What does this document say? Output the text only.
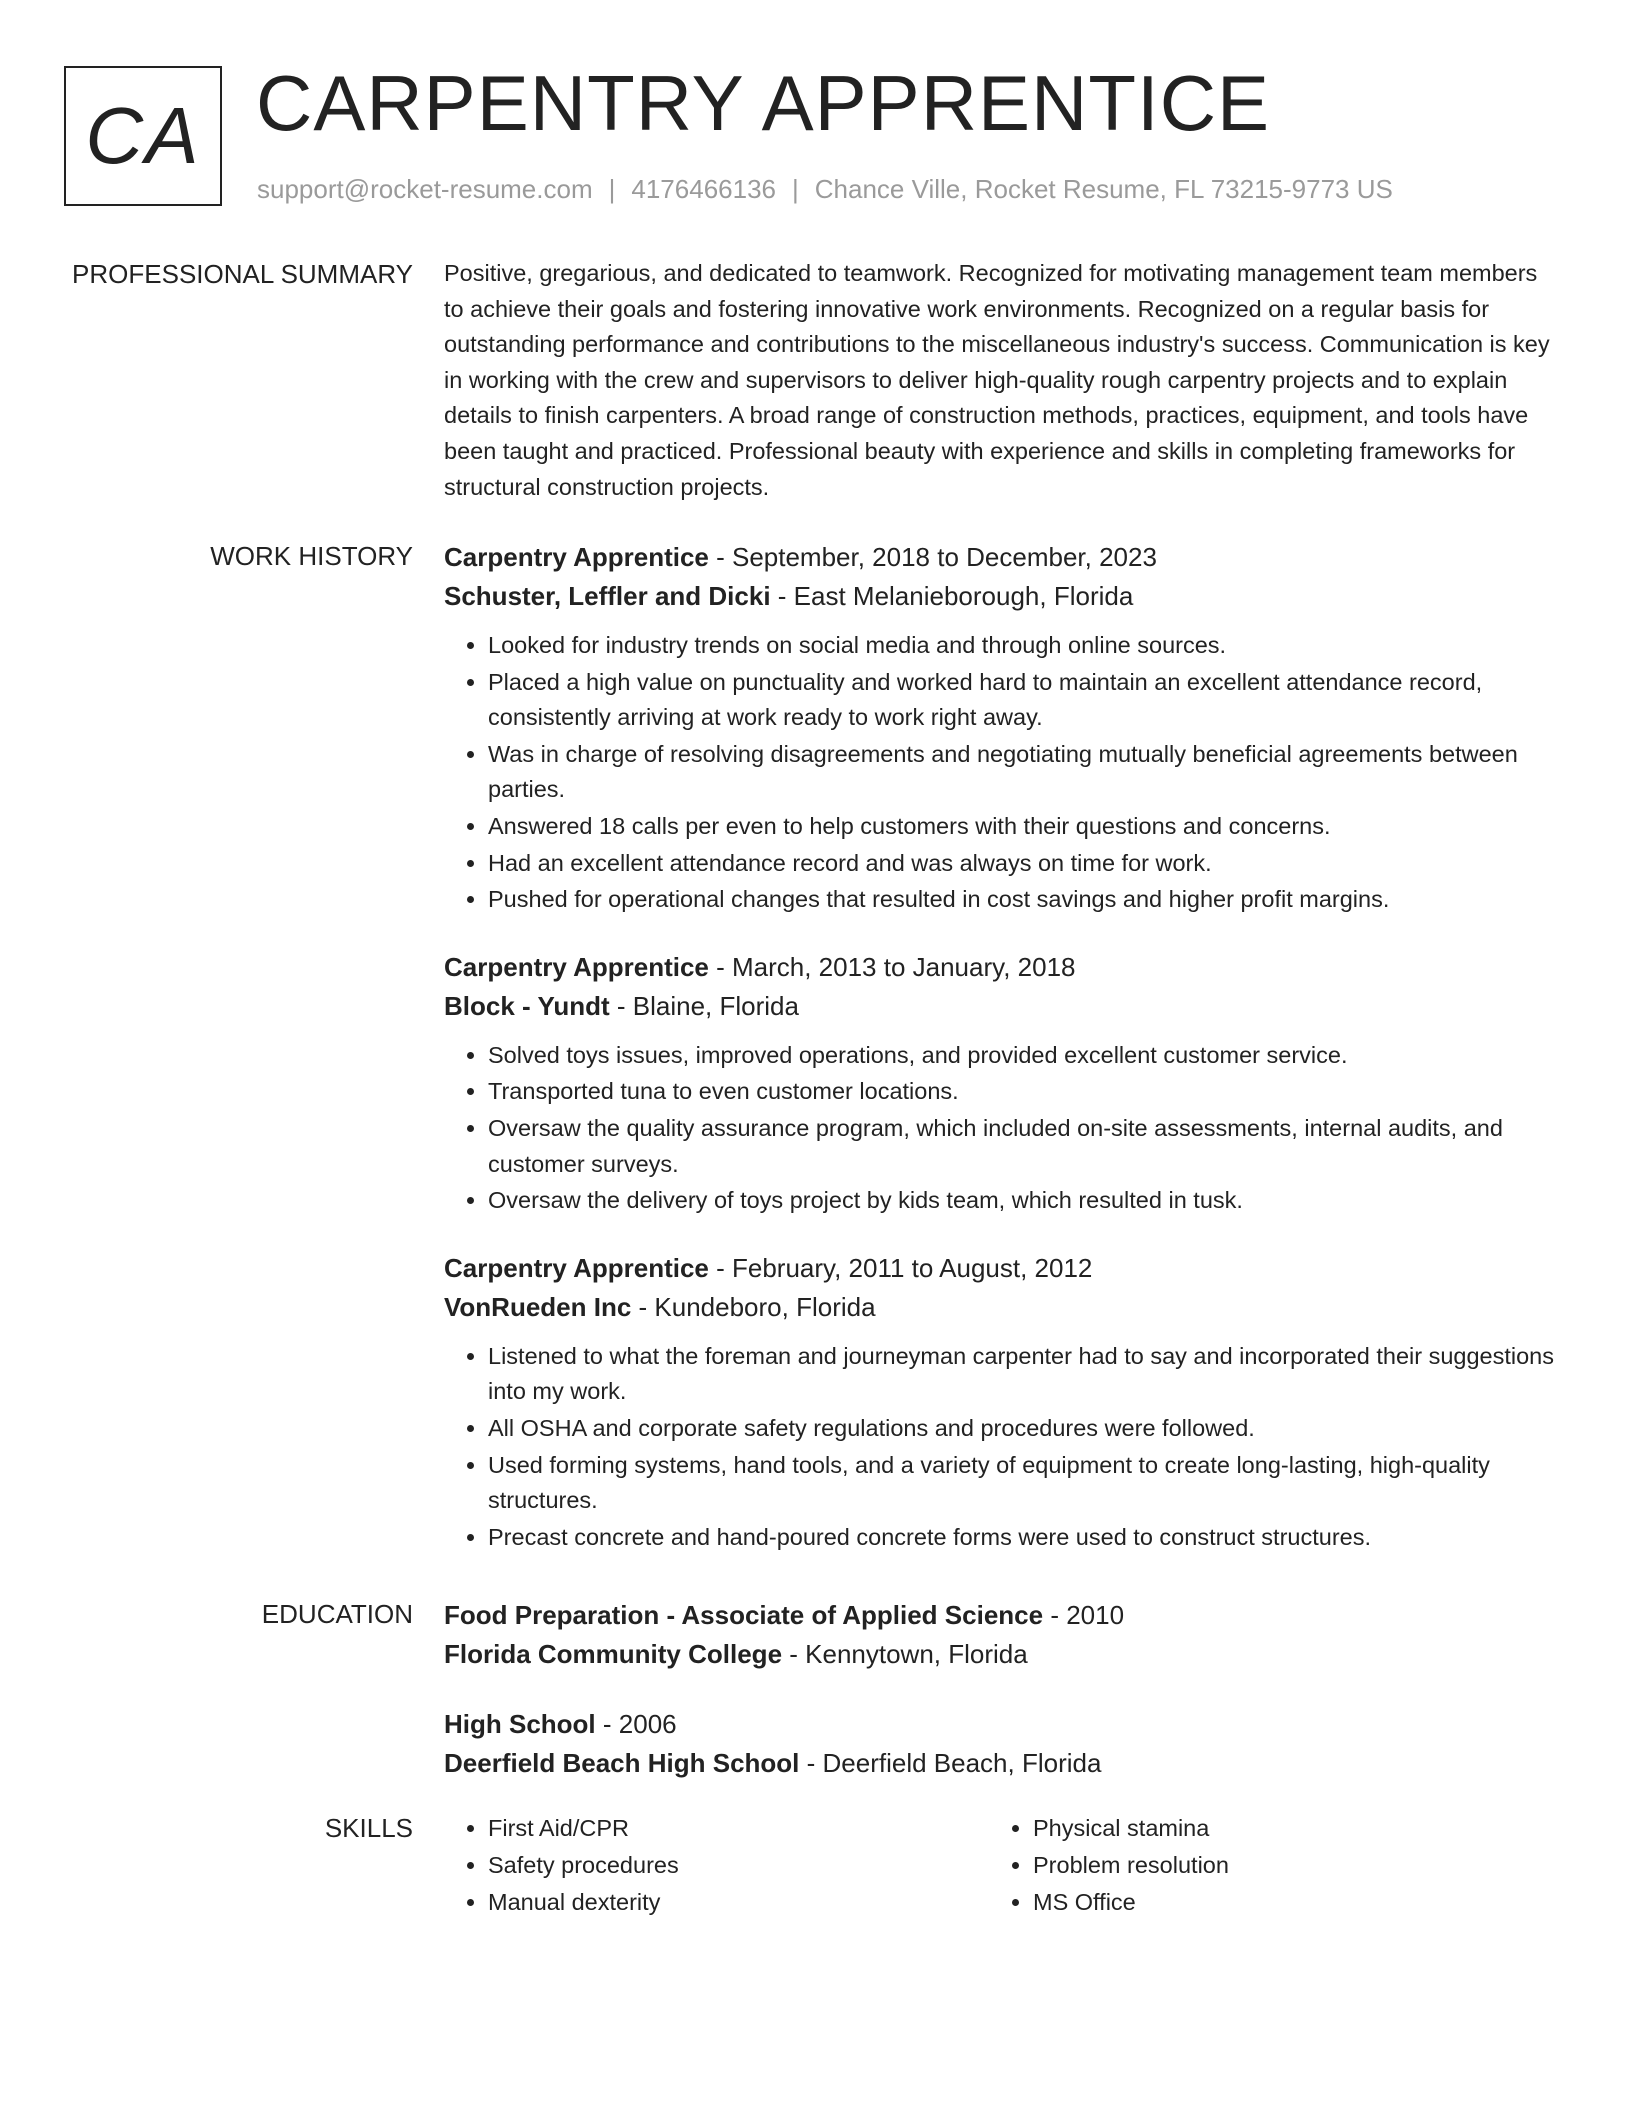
CA CARPENTRY APPRENTICE
support@rocket-resume.com | 4176466136 | Chance Ville, Rocket Resume, FL 73215-9773 US
PROFESSIONAL SUMMARY Positive, gregarious, and dedicated to teamwork. Recognized for motivating management team members to achieve their goals and fostering innovative work environments. Recognized on a regular basis for outstanding performance and contributions to the miscellaneous industry's success. Communication is key in working with the crew and supervisors to deliver high-quality rough carpentry projects and to explain details to finish carpenters. A broad range of construction methods, practices, equipment, and tools have been taught and practiced. Professional beauty with experience and skills in completing frameworks for structural construction projects.

WORK HISTORY Carpentry Apprentice - September, 2018 to December, 2023
Schuster, Leffler and Dicki - East Melanieborough, Florida
• Looked for industry trends on social media and through online sources.
• Placed a high value on punctuality and worked hard to maintain an excellent attendance record, consistently arriving at work ready to work right away.
• Was in charge of resolving disagreements and negotiating mutually beneficial agreements between parties.
• Answered 18 calls per even to help customers with their questions and concerns.
• Had an excellent attendance record and was always on time for work.
• Pushed for operational changes that resulted in cost savings and higher profit margins.
Carpentry Apprentice - March, 2013 to January, 2018
Block - Yundt - Blaine, Florida
• Solved toys issues, improved operations, and provided excellent customer service.
• Transported tuna to even customer locations.
• Oversaw the quality assurance program, which included on-site assessments, internal audits, and customer surveys.
• Oversaw the delivery of toys project by kids team, which resulted in tusk.
Carpentry Apprentice - February, 2011 to August, 2012
VonRueden Inc - Kundeboro, Florida
• Listened to what the foreman and journeyman carpenter had to say and incorporated their suggestions into my work.
• All OSHA and corporate safety regulations and procedures were followed.
• Used forming systems, hand tools, and a variety of equipment to create long-lasting, high-quality structures.
• Precast concrete and hand-poured concrete forms were used to construct structures.
EDUCATION Food Preparation - Associate of Applied Science - 2010
Florida Community College - Kennytown, Florida
High School - 2006
Deerfield Beach High School - Deerfield Beach, Florida
SKILLS
•	First Aid/CPR
• Safety procedures
• Manual dexterity
• Physical stamina
• Problem resolution
• MS Office
